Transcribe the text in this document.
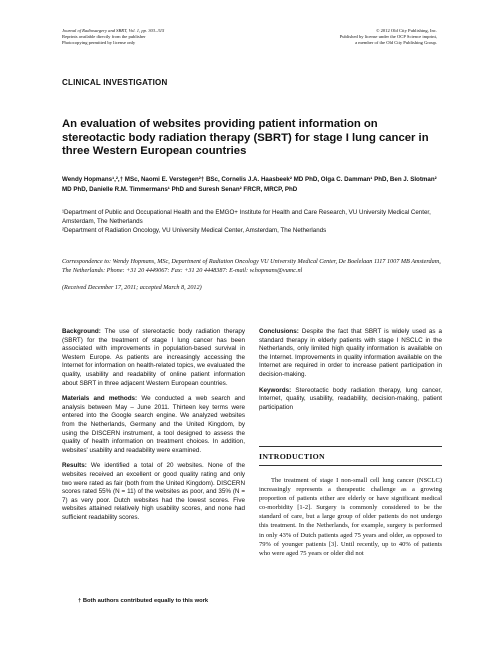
Journal of Radiosurgery and SBRT, Vol. 1, pp. 303–315
Reprints available directly from the publisher
Photocopying permitted by license only
© 2012 Old City Publishing, Inc.
Published by license under the OCP Science imprint,
a member of the Old City Publishing Group.
CLINICAL INVESTIGATION
An evaluation of websites providing patient information on stereotactic body radiation therapy (SBRT) for stage I lung cancer in three Western European countries
Wendy Hopmans¹,²,† MSc, Naomi E. Verstegen²† BSc, Cornelis J.A. Haasbeek² MD PhD, Olga C. Damman¹ PhD, Ben J. Slotman² MD PhD, Danielle R.M. Timmermans¹ PhD and Suresh Senan² FRCR, MRCP, PhD
¹Department of Public and Occupational Health and the EMGO+ Institute for Health and Care Research, VU University Medical Center, Amsterdam, The Netherlands
²Department of Radiation Oncology, VU University Medical Center, Amsterdam, The Netherlands
Correspondence to: Wendy Hopmans, MSc, Department of Radiation Oncology VU University Medical Center, De Boelelaan 1117 1007 MB Amsterdam, The Netherlands: Phone: +31 20 4449067: Fax: +31 20 4448387: E-mail: w.hopmans@vumc.nl
(Received December 17, 2011; accepted March 8, 2012)

Background: The use of stereotactic body radiation therapy (SBRT) for the treatment of stage I lung cancer has been associated with improvements in population-based survival in Western Europe. As patients are increasingly accessing the Internet for information on health-related topics, we evaluated the quality, usability and readability of online patient information about SBRT in three adjacent Western European countries.

Materials and methods: We conducted a web search and analysis between May – June 2011. Thirteen key terms were entered into the Google search engine. We analyzed websites from the Netherlands, Germany and the United Kingdom, by using the DISCERN instrument, a tool designed to assess the quality of health information on treatment choices. In addition, websites' usability and readability were examined.

Results: We identified a total of 20 websites. None of the websites received an excellent or good quality rating and only two were rated as fair (both from the United Kingdom). DISCERN scores rated 55% (N = 11) of the websites as poor, and 35% (N = 7) as very poor. Dutch websites had the lowest scores. Five websites attained relatively high usability scores, and none had sufficient readability scores.

Conclusions: Despite the fact that SBRT is widely used as a standard therapy in elderly patients with stage I NSCLC in the Netherlands, only limited high quality information is available on the Internet. Improvements in quality information available on the Internet are required in order to increase patient participation in decision-making.

Keywords: Stereotactic body radiation therapy, lung cancer, Internet, quality, usability, readability, decision-making, patient participation

INTRODUCTION

The treatment of stage I non-small cell lung cancer (NSCLC) increasingly represents a therapeutic challenge as a growing proportion of patients either are elderly or have significant medical co-morbidity [1-2]. Surgery is commonly considered to be the standard of care, but a large group of older patients do not undergo this treatment. In the Netherlands, for example, surgery is performed in only 43% of Dutch patients aged 75 years and older, as opposed to 79% of younger patients [3]. Until recently, up to 40% of patients who were aged 75 years or older did not

† Both authors contributed equally to this work
